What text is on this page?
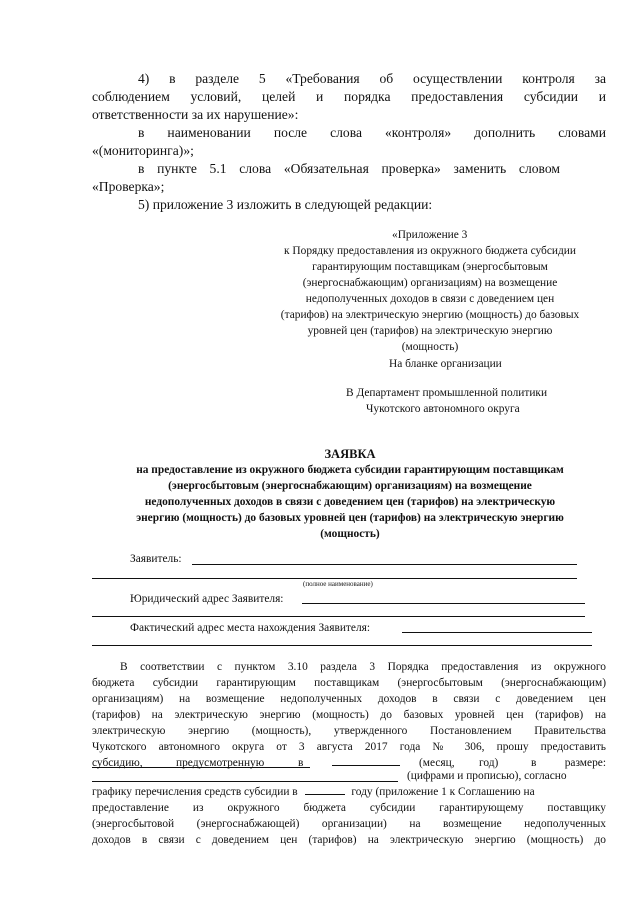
4) в разделе 5 «Требования об осуществлении контроля за
соблюдением условий, целей и порядка предоставления субсидии и
ответственности за их нарушение»:
в наименовании после слова «контроля» дополнить словами
«(мониторинга)»;
в пункте 5.1 слова «Обязательная проверка» заменить словом
«Проверка»;
5) приложение 3 изложить в следующей редакции:
«Приложение 3
к Порядку предоставления из окружного бюджета субсидии
гарантирующим поставщикам (энергосбытовым
(энергоснабжающим) организациям) на возмещение
недополученных доходов в связи с доведением цен
(тарифов) на электрическую энергию (мощность) до базовых
уровней цен (тарифов) на электрическую энергию
(мощность)
На бланке организации
В Департамент промышленной политики
Чукотского автономного округа
ЗАЯВКА
на предоставление из окружного бюджета субсидии гарантирующим поставщикам
(энергосбытовым (энергоснабжающим) организациям) на возмещение
недополученных доходов в связи с доведением цен (тарифов) на электрическую
энергию (мощность) до базовых уровней цен (тарифов) на электрическую энергию
(мощность)
Заявитель:
(полное наименование)
Юридический адрес Заявителя:
Фактический адрес места нахождения Заявителя:
В соответствии с пунктом 3.10 раздела 3 Порядка предоставления из окружного
бюджета субсидии гарантирующим поставщикам (энергосбытовым (энергоснабжающим)
организациям) на возмещение недополученных доходов в связи с доведением цен
(тарифов) на электрическую энергию (мощность) до базовых уровней цен (тарифов) на
электрическую энергию (мощность), утвержденного Постановлением Правительства
Чукотского автономного округа от 3 августа 2017 года № 306, прошу предоставить
субсидию,	предусмотренную	в	(месяц, год)	в размере:
(цифрами и прописью), согласно
графику перечисления средств субсидии в	году (приложение 1 к Соглашению на
предоставление из окружного бюджета субсидии гарантирующему поставщику
(энергосбытовой (энергоснабжающей) организации) на возмещение недополученных
доходов в связи с доведением цен (тарифов) на электрическую энергию (мощность) до
